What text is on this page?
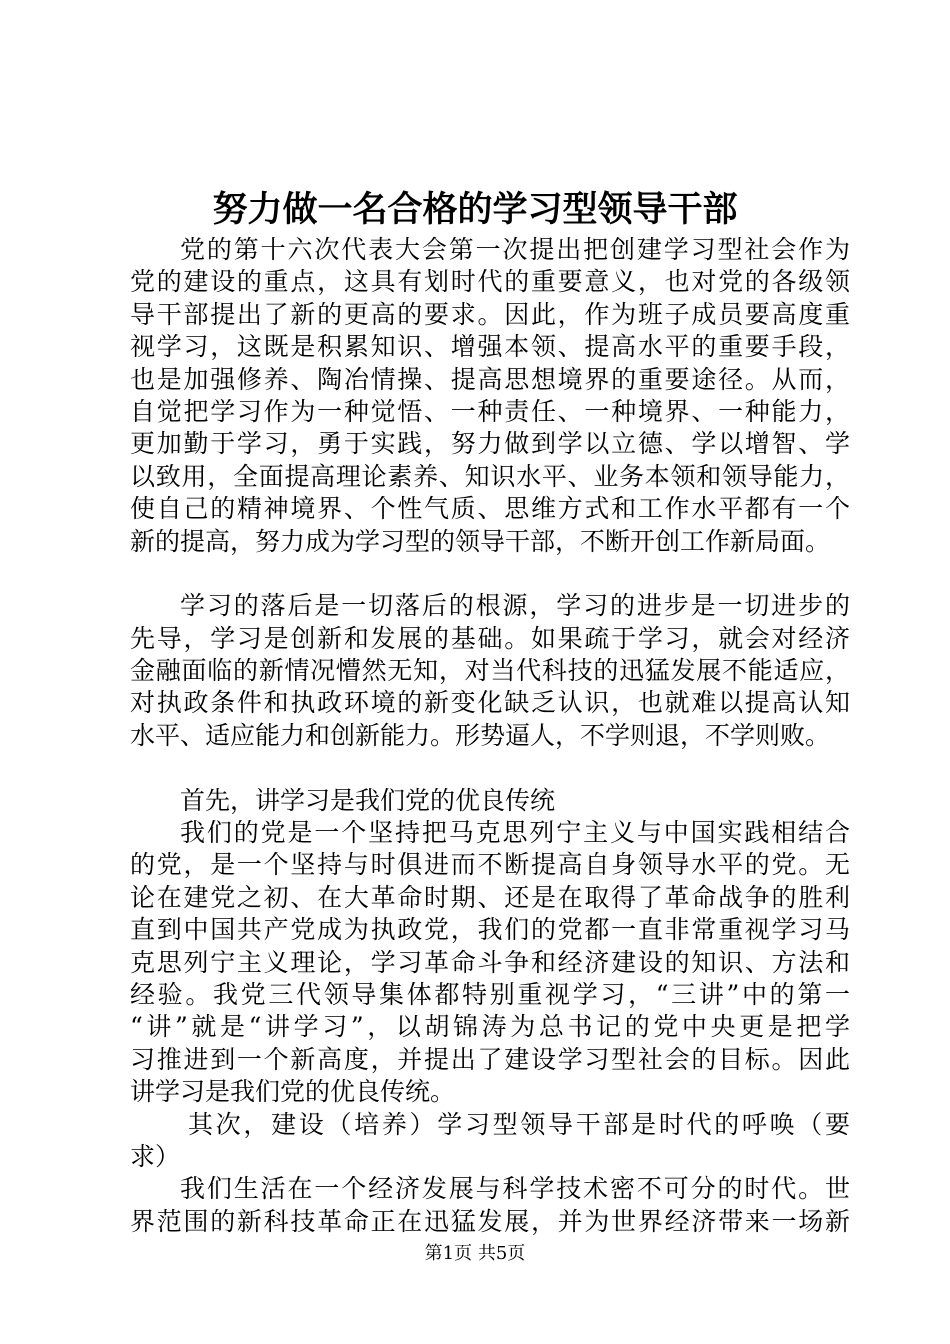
努力做一名合格的学习型领导干部
党的第十六次代表大会第一次提出把创建学习型社会作为
党的建设的重点，这具有划时代的重要意义，也对党的各级领
导干部提出了新的更高的要求。因此，作为班子成员要高度重
视学习，这既是积累知识、增强本领、提高水平的重要手段，
也是加强修养、陶冶情操、提高思想境界的重要途径。从而，
自觉把学习作为一种觉悟、一种责任、一种境界、一种能力，
更加勤于学习，勇于实践，努力做到学以立德、学以增智、学
以致用，全面提高理论素养、知识水平、业务本领和领导能力，
使自己的精神境界、个性气质、思维方式和工作水平都有一个
新的提高，努力成为学习型的领导干部，不断开创工作新局面。
学习的落后是一切落后的根源，学习的进步是一切进步的
先导，学习是创新和发展的基础。如果疏于学习，就会对经济
金融面临的新情况懵然无知，对当代科技的迅猛发展不能适应，
对执政条件和执政环境的新变化缺乏认识，也就难以提高认知
水平、适应能力和创新能力。形势逼人，不学则退，不学则败。
首先，讲学习是我们党的优良传统
我们的党是一个坚持把马克思列宁主义与中国实践相结合
的党，是一个坚持与时俱进而不断提高自身领导水平的党。无
论在建党之初、在大革命时期、还是在取得了革命战争的胜利
直到中国共产党成为执政党，我们的党都一直非常重视学习马
克思列宁主义理论，学习革命斗争和经济建设的知识、方法和
经验。我党三代领导集体都特别重视学习，“三讲”中的第一
“讲”就是“讲学习”，以胡锦涛为总书记的党中央更是把学
习推进到一个新高度，并提出了建设学习型社会的目标。因此
讲学习是我们党的优良传统。
其次，建设（培养）学习型领导干部是时代的呼唤（要
求）
我们生活在一个经济发展与科学技术密不可分的时代。世
界范围的新科技革命正在迅猛发展，并为世界经济带来一场新
第1页 共5页
